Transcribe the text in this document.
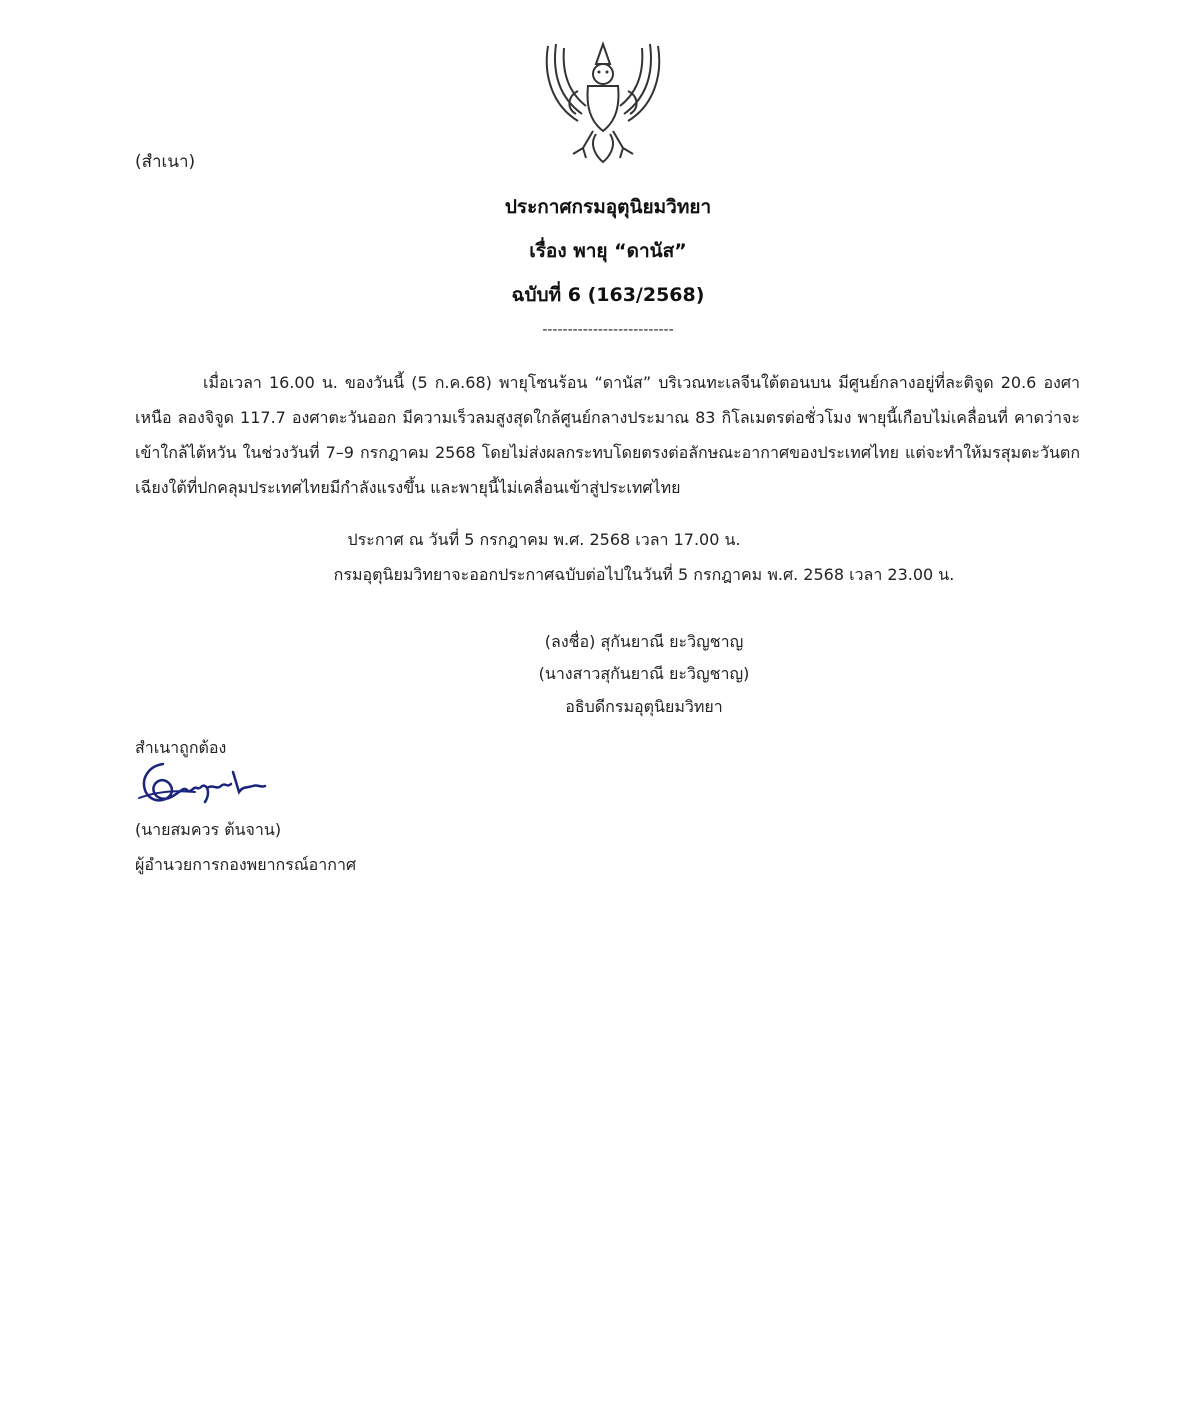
(สำเนา)
ประกาศกรมอุตุนิยมวิทยา
เรื่อง พายุ “ดานัส”
ฉบับที่ 6 (163/2568)
--------------------------
เมื่อเวลา 16.00 น. ของวันนี้ (5 ก.ค.68) พายุโซนร้อน “ดานัส” บริเวณทะเลจีนใต้ตอนบน มีศูนย์กลางอยู่ที่ละติจูด 20.6 องศาเหนือ ลองจิจูด 117.7 องศาตะวันออก มีความเร็วลมสูงสุดใกล้ศูนย์กลางประมาณ 83 กิโลเมตรต่อชั่วโมง พายุนี้เกือบไม่เคลื่อนที่ คาดว่าจะเข้าใกล้ไต้หวัน ในช่วงวันที่ 7–9 กรกฎาคม 2568 โดยไม่ส่งผลกระทบโดยตรงต่อลักษณะอากาศของประเทศไทย แต่จะทำให้มรสุมตะวันตกเฉียงใต้ที่ปกคลุมประเทศไทยมีกำลังแรงขึ้น และพายุนี้ไม่เคลื่อนเข้าสู่ประเทศไทย
ประกาศ ณ วันที่ 5 กรกฎาคม พ.ศ. 2568 เวลา 17.00 น.
กรมอุตุนิยมวิทยาจะออกประกาศฉบับต่อไปในวันที่ 5 กรกฎาคม พ.ศ. 2568 เวลา 23.00 น.
(ลงชื่อ) สุกันยาณี ยะวิญชาญ
(นางสาวสุกันยาณี ยะวิญชาญ)
อธิบดีกรมอุตุนิยมวิทยา
สำเนาถูกต้อง
(นายสมควร ต้นจาน)
ผู้อำนวยการกองพยากรณ์อากาศ
